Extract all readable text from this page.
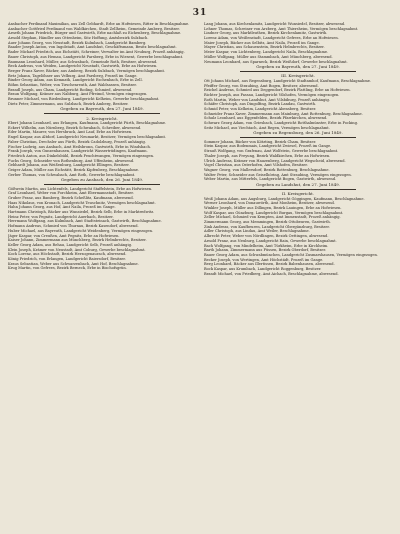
31

Ansbacher Ferdinand Maximilian, aus Zell Gebhardt, Erbe an Hofwiesen, Ritter in Beschlagnahme.

Ansbacher Gottfried Ferdinand von Waldkirchen, Stadt Zellheim, Gemeinde Amberg, Besitzer.

Arneth Johann Friedrich, Bürger und Gastwirth, Erbe nachlaß zu Eichenberg, Beschlagnahme.

Arnold Stephan, Händler aus Ottenheim, Sitz Hoffung, Amtsbezirk Sulzbach.

Auer Johann Georg, von Neustadt, Bezirk Kulmbach, Landgericht Bamberg.

Baader Joseph Anton, von Ingolstadt, Amt Landshut, Geschäftsmann, Besitz beschlagnahmt.

Bader Michael Friedrich, aus Eichstätt, Schreiner, Verwalter im Amt Neuburg, Prozeß anhängig.

Bauer Christoph, aus Hemau, Landgericht Parsberg, Erbe in Wiesent, Gewerbe beschlagnahmt.

Baumann Leonhard, Müller, aus Schwabach, Gemeinde Roth, Besitzer, abwesend.

Beck Andreas, von Weiden, Landgericht Neustadt, Gastwirth, Erbe an Hofwiesen.

Berger Franz Xaver, Bäcker, aus Amberg, Bezirk Sulzbach, Vermögen beschlagnahmt.

Betz Johann, Tagelöhner aus Velburg, Amt Parsberg, Prozeß im Gange.

Binder Georg Adam, aus Kemnath, Landgericht Eschenbach, Erbe in Zell.

Böhm Sebastian, Weber, von Tirschenreuth, Amt Waldsassen, Besitzer.

Brandl Joseph, aus Cham, Landgericht Roding, Schmied, abwesend.

Braun Wolfgang, Krämer aus Nabburg, Amt Pfreimd, Vermögen eingezogen.

Brunner Michael, von Riedenburg, Landgericht Kelheim, Gewerbe beschlagnahmt.

Dietz Peter, Zimmermann, aus Sulzbach, Bezirk Amberg, Besitzer.

Gegeben zu Bayreuth, den 27. Juni 1849.

2. Kreisgericht.

Ebert Johann Leonhard, aus Erlangen, Kaufmann, Landgericht Fürth, Beschlagnahme.

Eckert Wilhelm, aus Nürnberg, Bezirk Schwabach, Schreiber, abwesend.

Eder Martin, Maurer, von Hersbruck, Amt Lauf, Erbe an Hofwiesen.

Engel Kaspar, aus Altdorf, Landgericht Neumarkt, Besitzer, Vermögen beschlagnahmt.

Faber Christian, Drechsler aus Fürth, Bezirk Cadolzburg, Prozeß anhängig.

Fischer Ludwig, aus Ansbach, Amt Heilsbronn, Gastwirth, Erbe in Windsbach.

Frank Joseph, von Gunzenhausen, Landgericht Wassertrüdingen, Kaufmann.

Friedrich Anton, aus Dinkelsbühl, Bezirk Feuchtwangen, Vermögen eingezogen.

Fuchs Georg, Schneider von Rothenburg, Amt Uffenheim, abwesend.

Gebhardt Johann, aus Weißenburg, Landgericht Ellingen, Besitzer.

Geiger Adam, Müller aus Eichstätt, Bezirk Kipfenberg, Beschlagnahme.

Gerber Thomas, von Schwabach, Amt Roth, Gewerbe beschlagnahmt.

Gegeben zu Ansbach, den 26. Juni 1849.

Gößwein Martin, aus Lichtenfels, Landgericht Staffelstein, Erbe an Hofwiesen.

Graf Leonhard, Weber von Forchheim, Amt Ebermannstadt, Besitzer.

Gruber Franz, aus Bamberg, Bezirk Scheßlitz, Kaufmann, abwesend.

Haas Nikolaus, von Kronach, Landgericht Teuschnitz, Vermögen beschlagnahmt.

Hahn Johann Georg, aus Hof, Amt Naila, Prozeß im Gange.

Hartmann Christoph, Bäcker aus Wunsiedel, Bezirk Selb, Erbe in Marktredwitz.

Heinz Peter, von Pegnitz, Landgericht Auerbach, Besitzer.

Herrmann Wolfgang, aus Kulmbach, Amt Stadtsteinach, Gastwirth, Beschlagnahme.

Hofmann Andreas, Schmied von Thurnau, Bezirk Kasendorf, abwesend.

Huber Michael, aus Bayreuth, Landgericht Weidenberg, Vermögen eingezogen.

Jäger Kaspar, von Creußen, Amt Pegnitz, Erbe an Hofwiesen.

Kaiser Johann, Zimmermann aus Münchberg, Bezirk Helmbrechts, Besitzer.

Keller Georg Adam, aus Rehau, Landgericht Selb, Prozeß anhängig.

Klein Joseph, Krämer von Neustadt, Amt Coburg, Gewerbe beschlagnahmt.

Koch Lorenz, aus Höchstadt, Bezirk Herzogenaurach, abwesend.

König Friedrich, von Erlangen, Landgericht Baiersdorf, Besitzer.

Kraus Sebastian, Weber aus Schwarzenbach, Amt Hof, Beschlagnahme.

Krug Martin, von Gefrees, Bezirk Berneck, Erbe in Bischofsgrün.

Lang Johann, aus Kirchenlamitz, Landgericht Wunsiedel, Besitzer, abwesend.

Lehner Thomas, Schreiner von Arzberg, Amt Thiersheim, Vermögen beschlagnahmt.

Lindner Georg, aus Marktleuthen, Bezirk Kirchenlamitz, Gastwirth.

Lorenz Adam, von Weißenstadt, Landgericht Gefrees, Erbe an Hofwiesen.

Maier Joseph, Bäcker aus Selbitz, Amt Naila, Prozeß im Gange.

Mayer Christian, aus Schauenstein, Bezirk Helmbrechts, Besitzer.

Meier Kaspar, von Lichtenberg, Landgericht Naila, Beschlagnahme.

Müller Wolfgang, Müller aus Stammbach, Amt Münchberg, abwesend.

Neumann Leonhard, aus Sparneck, Bezirk Weißdorf, Gewerbe beschlagnahmt.

Gegeben zu Bayreuth, den 27. Juni 1849.

III. Kreisgericht.

Ott Johann Michael, aus Regensburg, Landgericht Stadtamhof, Kaufmann, Beschlagnahme.

Pfeiffer Georg, von Straubing, Amt Bogen, Besitzer, abwesend.

Reichel Andreas, Schmied aus Deggendorf, Bezirk Plattling, Erbe an Hofwiesen.

Richter Joseph, aus Passau, Landgericht Vilshofen, Vermögen eingezogen.

Roth Martin, Weber von Landshut, Amt Vilsbiburg, Prozeß anhängig.

Schäfer Christoph, aus Dingolfing, Bezirk Landau, Gastwirth.

Schmid Peter, von Kelheim, Landgericht Abensberg, Besitzer.

Schneider Franz Xaver, Zimmermann aus Mainburg, Amt Rottenburg, Beschlagnahme.

Schulz Leonhard, aus Eggenfelden, Bezirk Pfarrkirchen, abwesend.

Schwarz Georg Adam, von Griesbach, Landgericht Rotthalmünster, Erbe in Pocking.

Seitz Michael, aus Viechtach, Amt Regen, Vermögen beschlagnahmt.

Gegeben zu Regensburg, den 26. Juni 1849.

Sommer Johann, Bäcker von Kötzting, Bezirk Cham, Besitzer.

Stein Kaspar, aus Bodenmais, Landgericht Zwiesel, Prozeß im Gange.

Strauß Wolfgang, von Grafenau, Amt Wolfstein, Gewerbe beschlagnahmt.

Thaler Joseph, aus Freyung, Bezirk Waldkirchen, Erbe an Hofwiesen.

Ulrich Andreas, Krämer von Hauzenberg, Landgericht Wegscheid, abwesend.

Vogel Christian, aus Osterhofen, Amt Vilshofen, Besitzer.

Wagner Georg, von Mallersdorf, Bezirk Rottenburg, Beschlagnahme.

Walter Peter, Schneider aus Geiselhöring, Amt Straubing, Vermögen eingezogen.

Weber Martin, aus Mitterfels, Landgericht Bogen, Gastwirth, abwesend.

Gegeben zu Landshut, den 27. Juni 1849.

II. Kreisgericht.

Weiß Johann Adam, aus Augsburg, Landgericht Göggingen, Kaufmann, Beschlagnahme.

Werner Leonhard, von Donauwörth, Amt Monheim, Besitzer, abwesend.

Winkler Joseph, Müller aus Dillingen, Bezirk Lauingen, Erbe an Hofwiesen.

Wolf Kaspar, aus Günzburg, Landgericht Burgau, Vermögen beschlagnahmt.

Zeller Michael, Schmied von Kempten, Amt Immenstadt, Prozeß anhängig.

Zimmermann Georg, aus Memmingen, Bezirk Ottobeuren, Gastwirth.

Zink Andreas, von Kaufbeuren, Landgericht Obergünzburg, Besitzer.

Adler Christoph, aus Lindau, Amt Weiler, Beschlagnahme.

Albrecht Peter, Weber von Nördlingen, Bezirk Oettingen, abwesend.

Arnold Franz, aus Neuburg, Landgericht Rain, Gewerbe beschlagnahmt.

Bach Wolfgang, von Mindelheim, Amt Türkheim, Erbe in Kirchheim.

Barth Johann, Zimmermann aus Füssen, Bezirk Oberdorf, Besitzer.

Bauer Georg Adam, aus Schwabmünchen, Landgericht Zusmarshausen, Vermögen eingezogen.

Becker Joseph, von Wertingen, Amt Höchstädt, Prozeß im Gange.

Berg Leonhard, Bäcker aus Illertissen, Bezirk Babenhausen, abwesend.

Bock Kaspar, aus Krumbach, Landgericht Roggenburg, Besitzer.

Brandt Michael, von Friedberg, Amt Aichach, Beschlagnahme, abwesend.
